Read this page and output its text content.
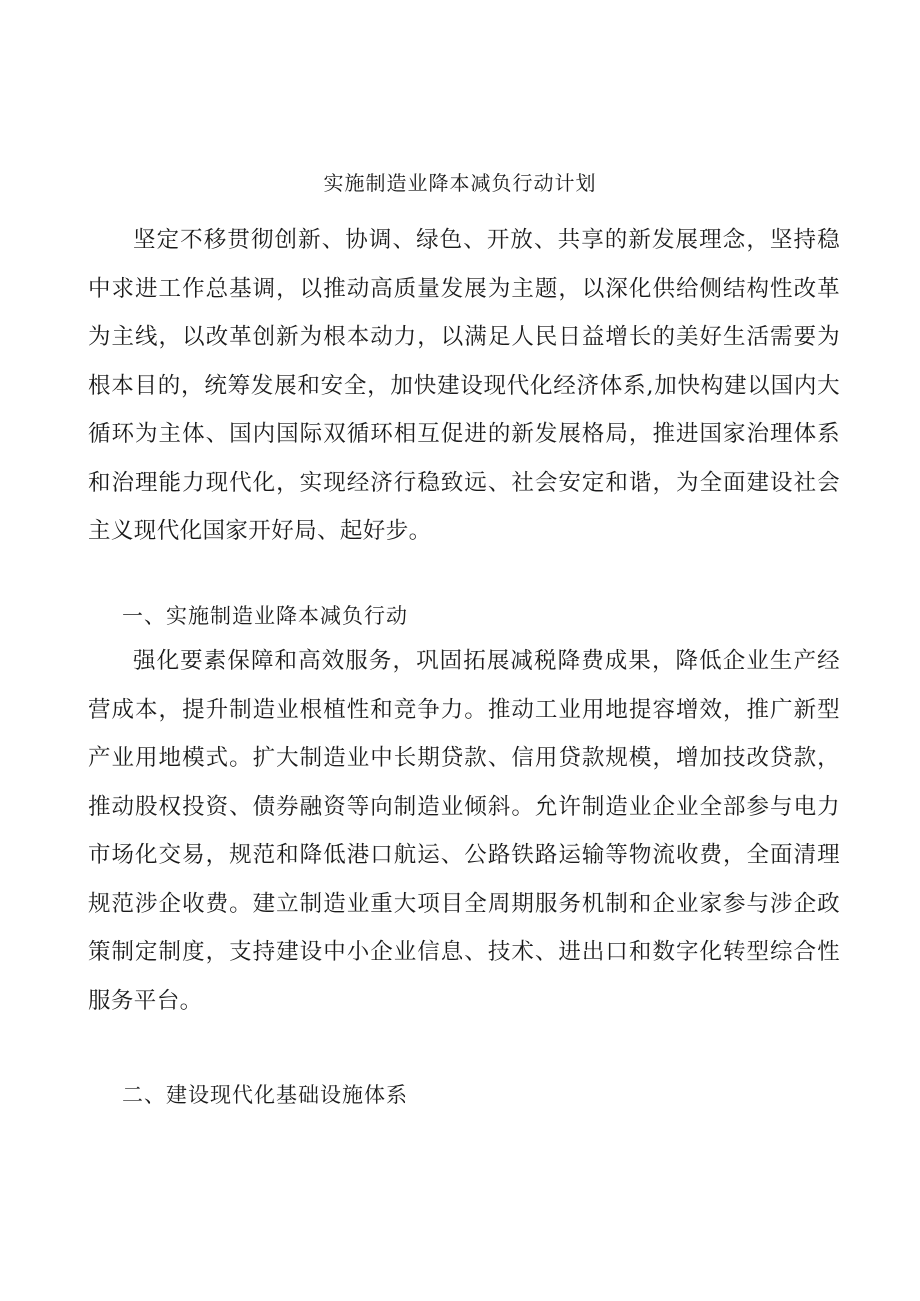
实施制造业降本减负行动计划

坚定不移贯彻创新、协调、绿色、开放、共享的新发展理念，坚持稳中求进工作总基调，以推动高质量发展为主题，以深化供给侧结构性改革为主线，以改革创新为根本动力，以满足人民日益增长的美好生活需要为根本目的，统筹发展和安全，加快建设现代化经济体系,加快构建以国内大循环为主体、国内国际双循环相互促进的新发展格局，推进国家治理体系和治理能力现代化，实现经济行稳致远、社会安定和谐，为全面建设社会主义现代化国家开好局、起好步。

一、实施制造业降本减负行动

强化要素保障和高效服务，巩固拓展减税降费成果，降低企业生产经营成本，提升制造业根植性和竞争力。推动工业用地提容增效，推广新型产业用地模式。扩大制造业中长期贷款、信用贷款规模，增加技改贷款，推动股权投资、债券融资等向制造业倾斜。允许制造业企业全部参与电力市场化交易，规范和降低港口航运、公路铁路运输等物流收费，全面清理规范涉企收费。建立制造业重大项目全周期服务机制和企业家参与涉企政策制定制度，支持建设中小企业信息、技术、进出口和数字化转型综合性服务平台。

二、建设现代化基础设施体系
